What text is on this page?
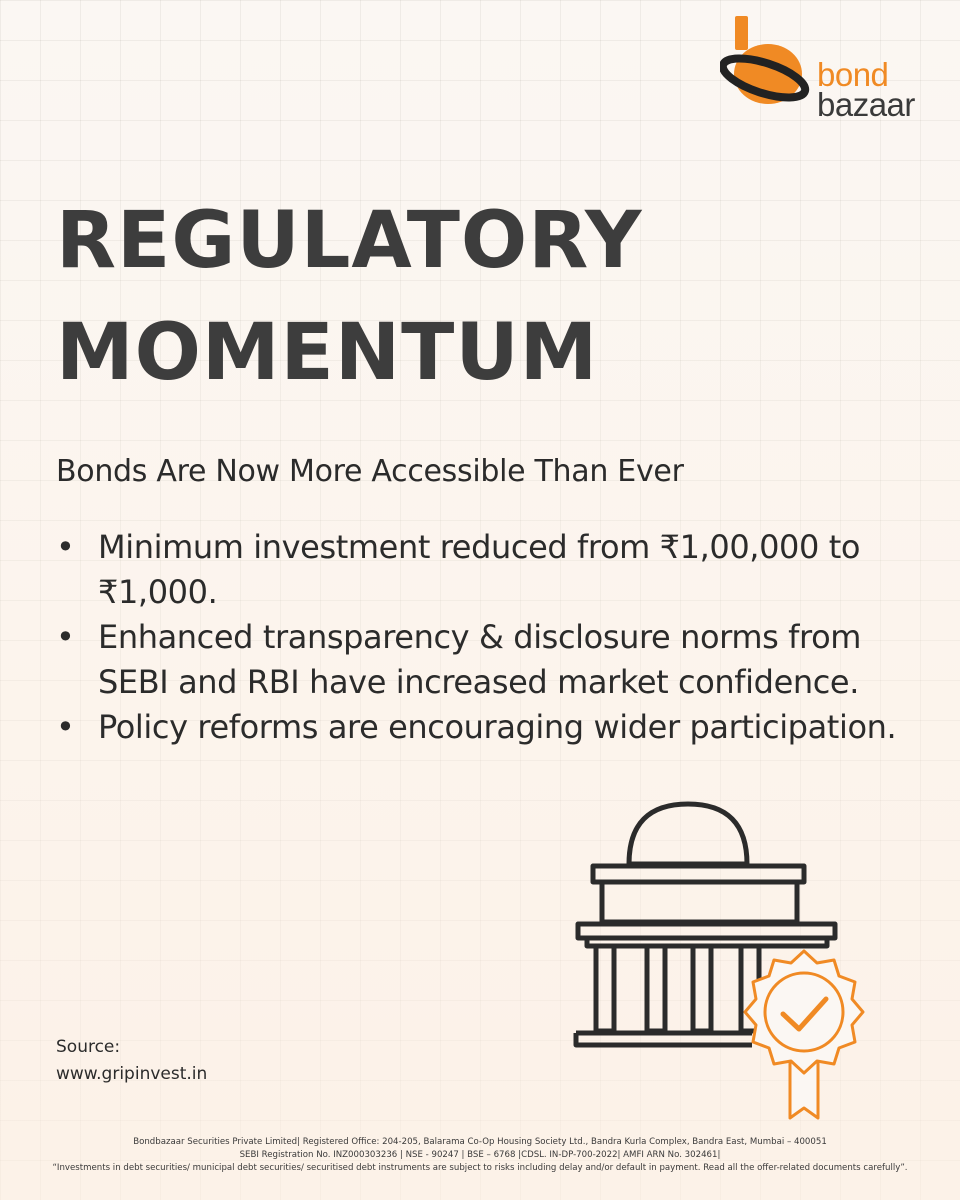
bond
bazaar
REGULATORY
MOMENTUM
Bonds Are Now More Accessible Than Ever
• Minimum investment reduced from ₹1,00,000 to ₹1,000.
• Enhanced transparency & disclosure norms from SEBI and RBI have increased market confidence.
• Policy reforms are encouraging wider participation.
Source:
www.gripinvest.in
Bondbazaar Securities Private Limited| Registered Office: 204-205, Balarama Co-Op Housing Society Ltd., Bandra Kurla Complex, Bandra East, Mumbai – 400051
SEBI Registration No. INZ000303236 | NSE - 90247 | BSE – 6768 |CDSL. IN-DP-700-2022| AMFI ARN No. 302461|
“Investments in debt securities/ municipal debt securities/ securitised debt instruments are subject to risks including delay and/or default in payment. Read all the offer-related documents carefully”.
